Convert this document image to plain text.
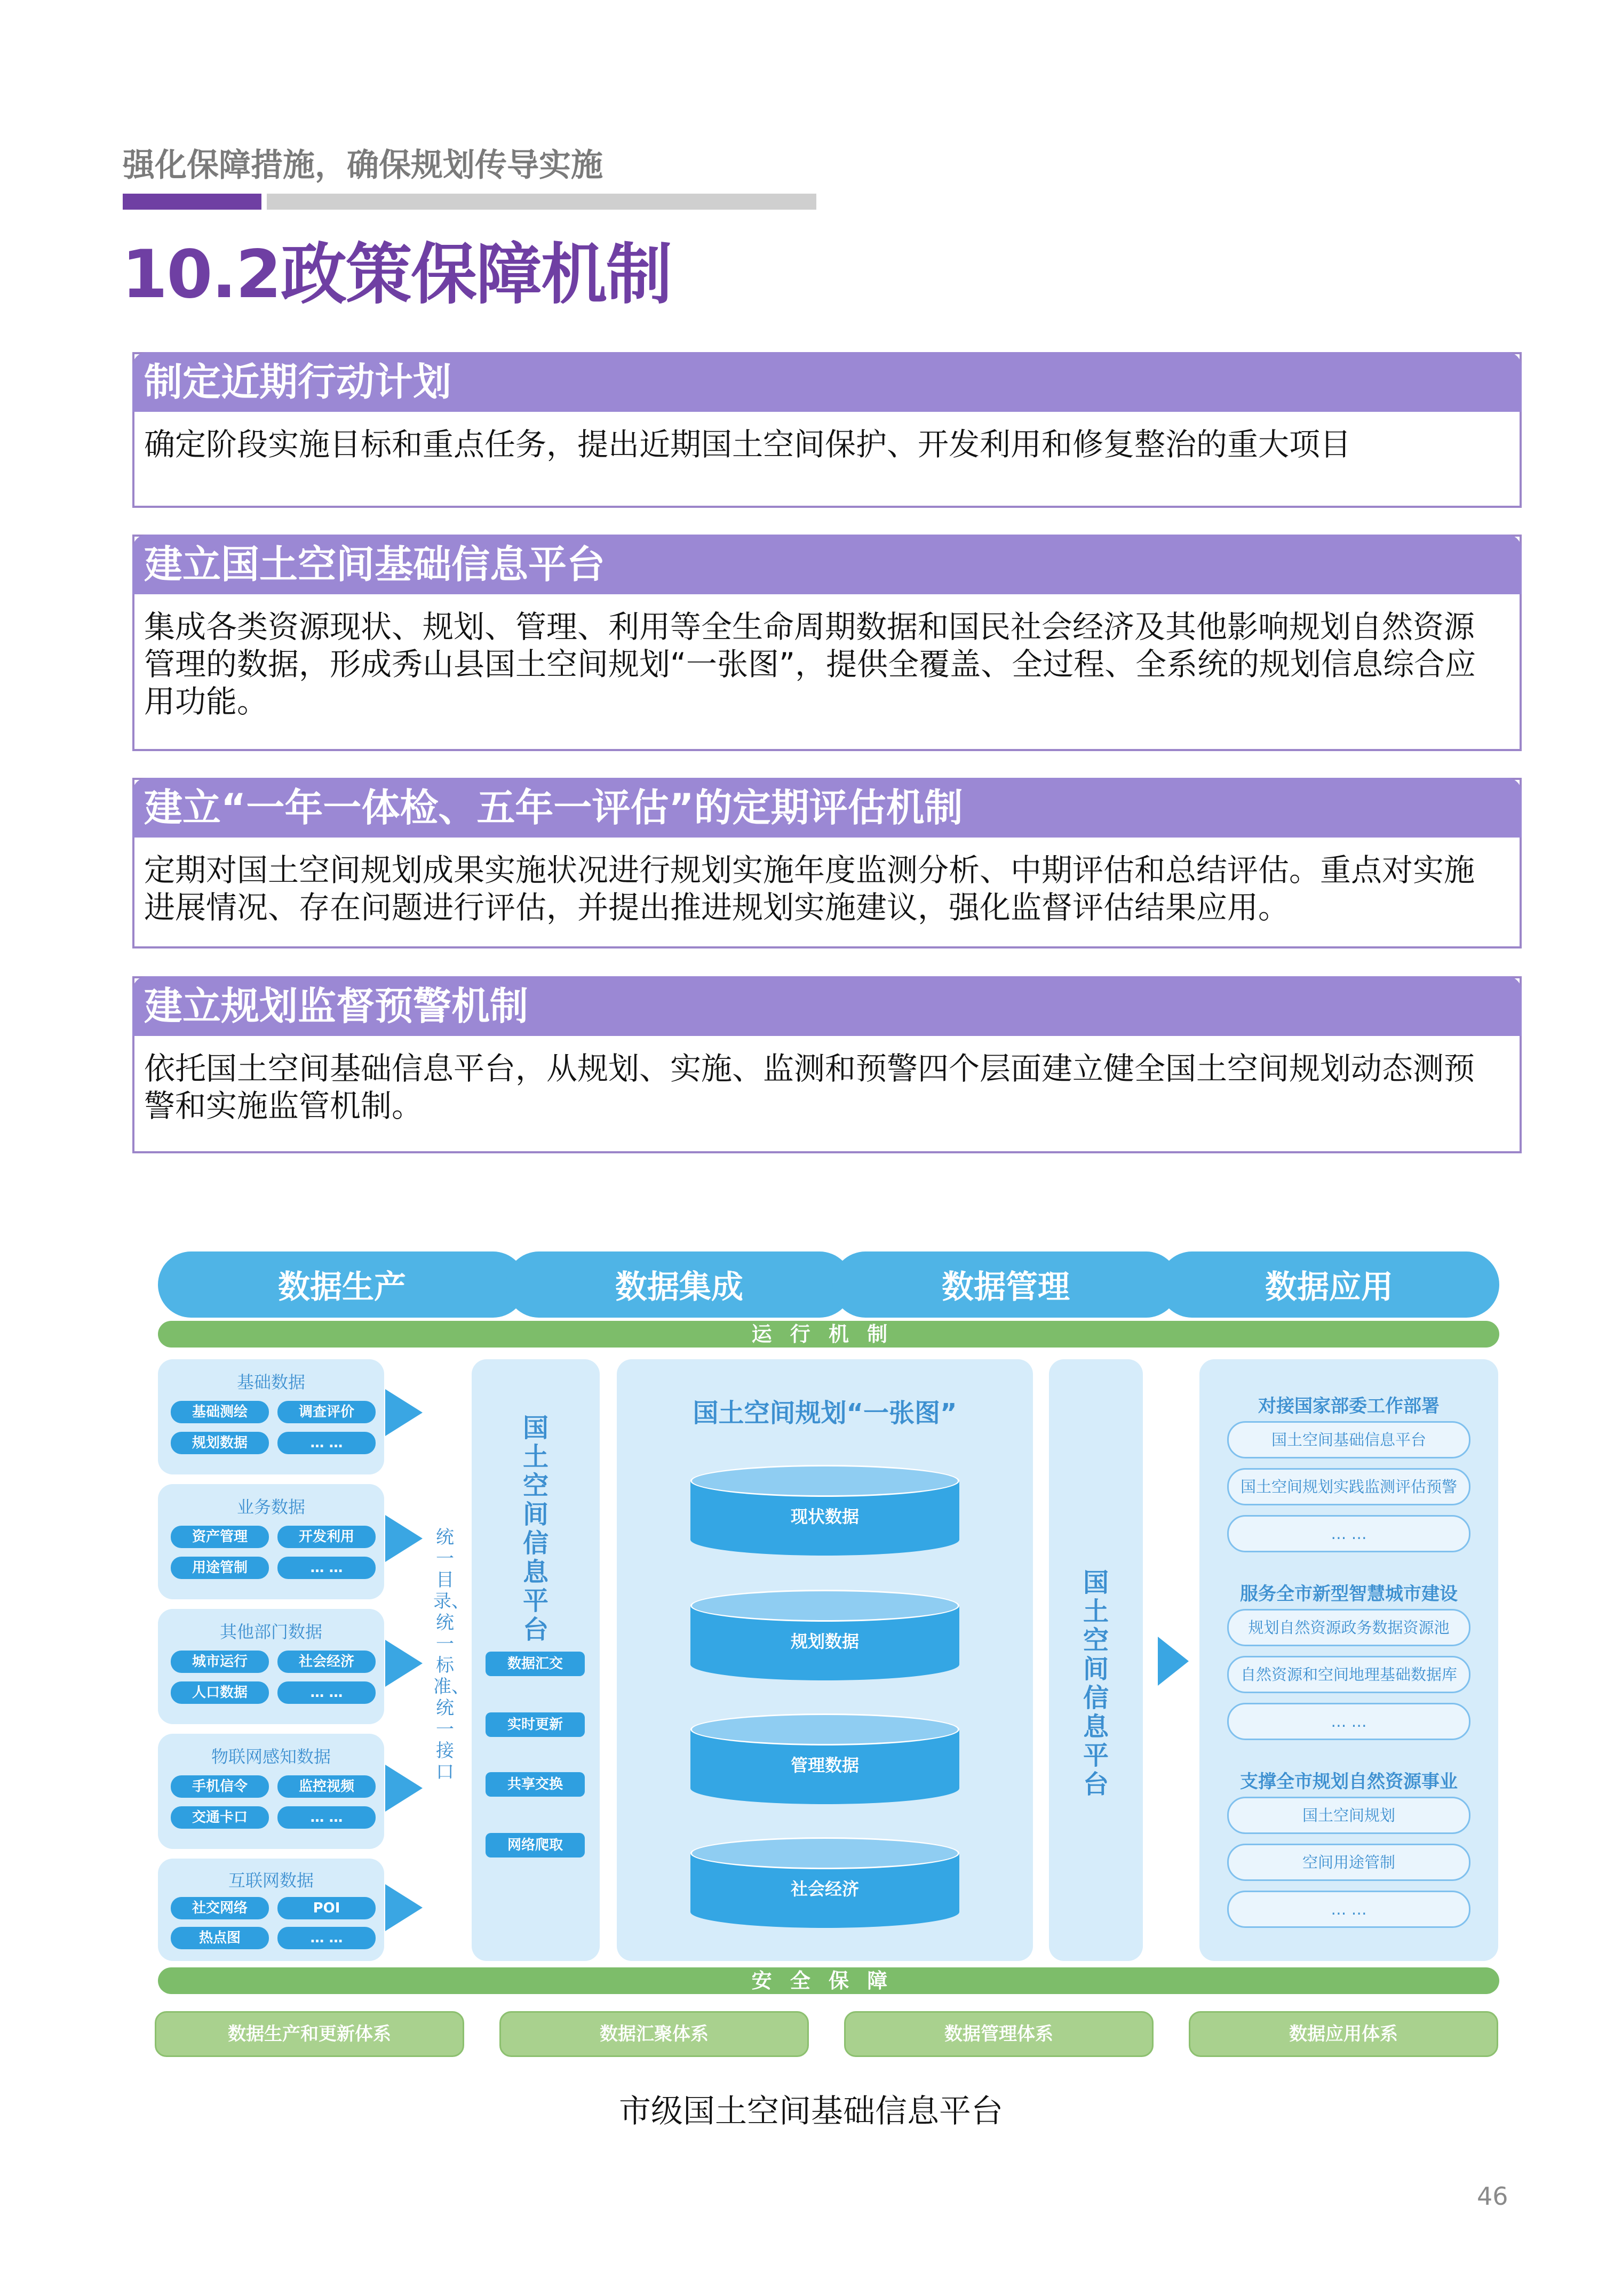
强化保障措施，确保规划传导实施
10.2政策保障机制
制定近期行动计划
确定阶段实施目标和重点任务，提出近期国土空间保护、开发利用和修复整治的重大项目
建立国土空间基础信息平台
集成各类资源现状、规划、管理、利用等全生命周期数据和国民社会经济及其他影响规划自然资源管理的数据，形成秀山县国土空间规划“一张图”，提供全覆盖、全过程、全系统的规划信息综合应用功能。
建立“一年一体检、五年一评估”的定期评估机制
定期对国土空间规划成果实施状况进行规划实施年度监测分析、中期评估和总结评估。重点对实施进展情况、存在问题进行评估，并提出推进规划实施建议，强化监督评估结果应用。
建立规划监督预警机制
依托国土空间基础信息平台，从规划、实施、监测和预警四个层面建立健全国土空间规划动态测预警和实施监管机制。
数据生产	数据集成	数据管理	数据应用
运行机制
基础数据
基础测绘	调查评价
规划数据	… …
业务数据
资产管理	开发利用
用途管制	… …
其他部门数据
城市运行	社会经济
人口数据	… …
物联网感知数据
手机信令	监控视频
交通卡口	… …
互联网数据
社交网络	POI
热点图	… …
统一目录、统一标准、统一接口
国土空间信息平台
数据汇交
实时更新
共享交换
网络爬取
国土空间规划“一张图”
现状数据
规划数据
管理数据
社会经济
国土空间信息平台
对接国家部委工作部署
国土空间基础信息平台
国土空间规划实践监测评估预警
… …
服务全市新型智慧城市建设
规划自然资源政务数据资源池
自然资源和空间地理基础数据库
… …
支撑全市规划自然资源事业
国土空间规划
空间用途管制
… …
安全保障
数据生产和更新体系	数据汇聚体系	数据管理体系	数据应用体系
市级国土空间基础信息平台
46
